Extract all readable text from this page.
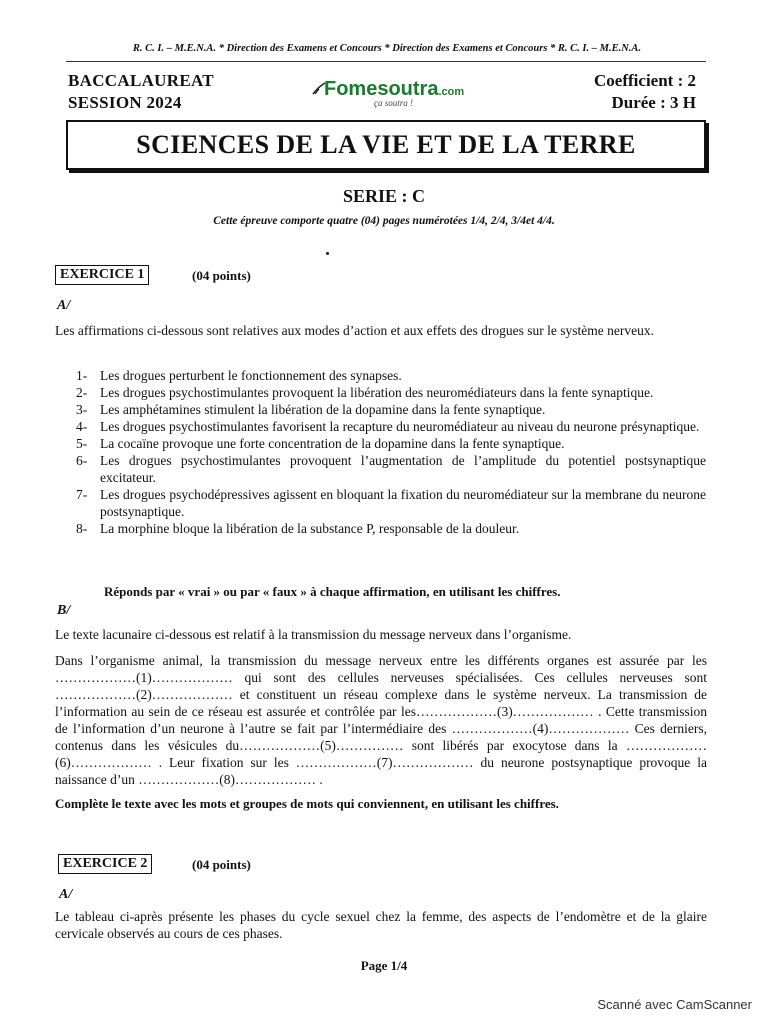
R. C. I. – M.E.N.A. * Direction des Examens et Concours * Direction des Examens et Concours * R. C. I. – M.E.N.A.
BACCALAUREAT
SESSION 2024
Fomesoutra.com
ça soutra !
Coefficient : 2
Durée : 3 H
SCIENCES DE LA VIE ET DE LA TERRE
SERIE : C
Cette épreuve comporte quatre (04) pages numérotées 1/4, 2/4, 3/4et 4/4.
EXERCICE 1	(04 points)
A/
Les affirmations ci-dessous sont relatives aux modes d’action et aux effets des drogues sur le système nerveux.
1- Les drogues perturbent le fonctionnement des synapses.
2- Les drogues psychostimulantes provoquent la libération des neuromédiateurs dans la fente synaptique.
3- Les amphétamines stimulent la libération de la dopamine dans la fente synaptique.
4- Les drogues psychostimulantes favorisent la recapture du neuromédiateur au niveau du neurone présynaptique.
5- La cocaïne provoque une forte concentration de la dopamine dans la fente synaptique.
6- Les drogues psychostimulantes provoquent l’augmentation de l’amplitude du potentiel postsynaptique excitateur.
7- Les drogues psychodépressives agissent en bloquant la fixation du neuromédiateur sur la membrane du neurone postsynaptique.
8- La morphine bloque la libération de la substance P, responsable de la douleur.
Réponds par « vrai » ou par « faux » à chaque affirmation, en utilisant les chiffres.
B/
Le texte lacunaire ci-dessous est relatif à la transmission du message nerveux dans l’organisme.
Dans l’organisme animal, la transmission du message nerveux entre les différents organes est assurée par les ………………(1)……………… qui sont des cellules nerveuses spécialisées. Ces cellules nerveuses sont ………………(2)……………… et constituent un réseau complexe dans le système nerveux. La transmission de l’information au sein de ce réseau est assurée et contrôlée par les………………(3)……………… . Cette transmission de l’information d’un neurone à l’autre se fait par l’intermédiaire des ………………(4)……………… Ces derniers, contenus dans les vésicules du………………(5)…………… sont libérés par exocytose dans la ………………(6)……………… . Leur fixation sur les ………………(7)……………… du neurone postsynaptique provoque la naissance d’un ………………(8)……………… .
Complète le texte avec les mots et groupes de mots qui conviennent, en utilisant les chiffres.
EXERCICE 2	(04 points)
A/
Le tableau ci-après présente les phases du cycle sexuel chez la femme, des aspects de l’endomètre et de la glaire cervicale observés au cours de ces phases.
Page 1/4
Scanné avec CamScanner
